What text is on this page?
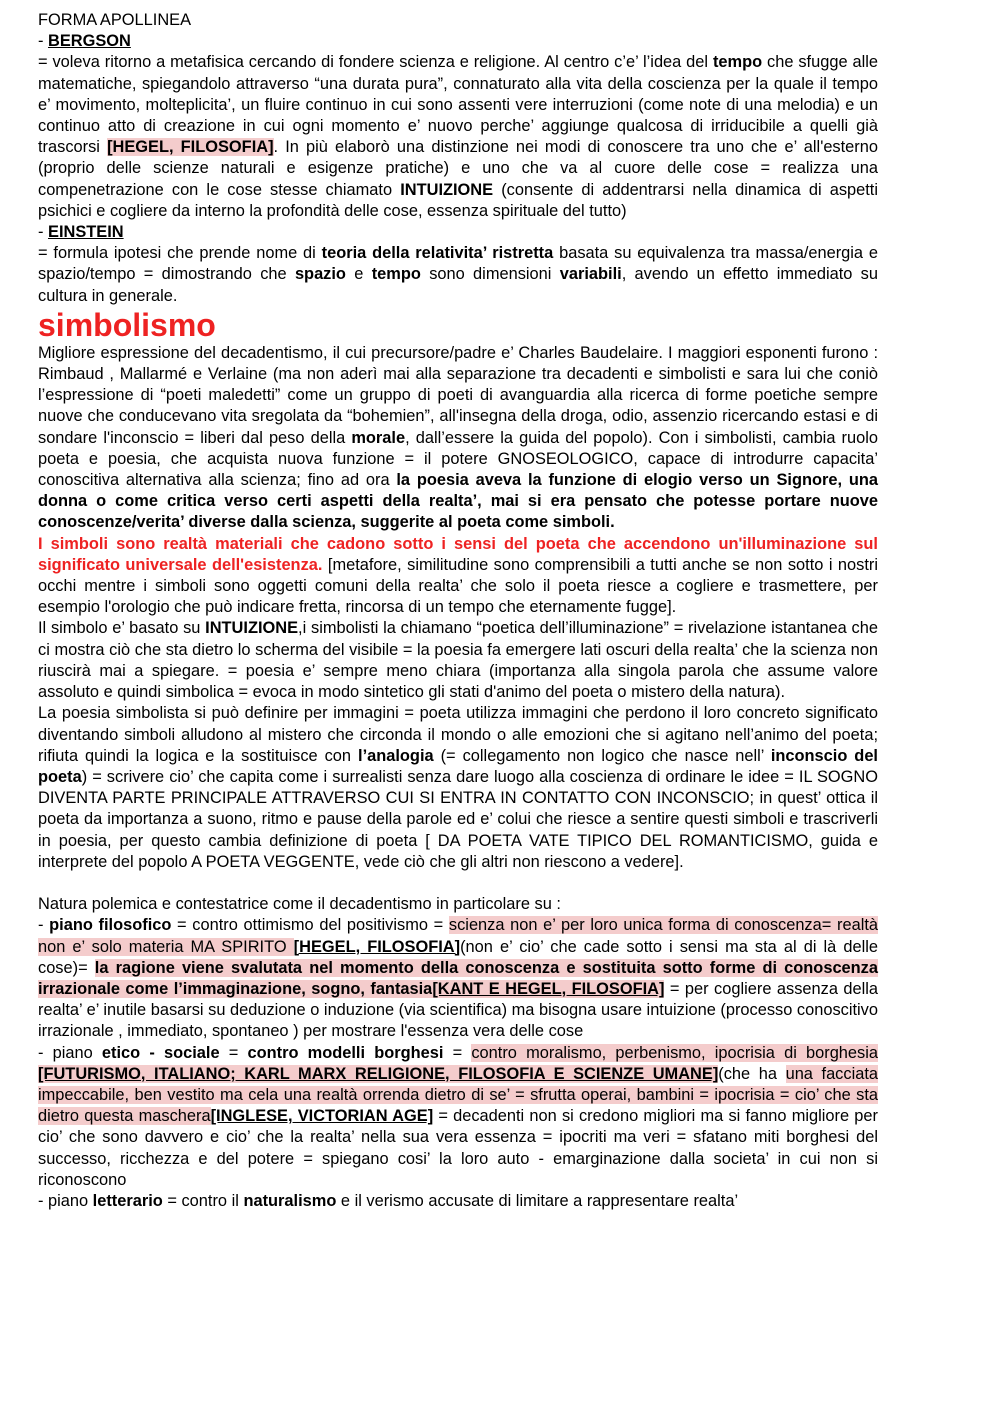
FORMA APOLLINEA

- BERGSON

= voleva ritorno a metafisica cercando di fondere scienza e religione. Al centro c’e’ l’idea del tempo che sfugge alle matematiche, spiegandolo attraverso “una durata pura”, connaturato alla vita della coscienza per la quale il tempo e’ movimento, molteplicita’, un fluire continuo in cui sono assenti vere interruzioni (come note di una melodia) e un continuo atto di creazione in cui ogni momento e’ nuovo perche’ aggiunge qualcosa di irriducibile a quelli già trascorsi [HEGEL, FILOSOFIA]. In più elaborò una distinzione nei modi di conoscere tra uno che e’ all'esterno (proprio delle scienze naturali e esigenze pratiche) e uno che va al cuore delle cose = realizza una compenetrazione con le cose stesse chiamato INTUIZIONE (consente di addentrarsi nella dinamica di aspetti psichici e cogliere da interno la profondità delle cose, essenza spirituale del tutto)

- EINSTEIN

= formula ipotesi che prende nome di teoria della relativita’ ristretta basata su equivalenza tra massa/energia e spazio/tempo = dimostrando che spazio e tempo sono dimensioni variabili, avendo un effetto immediato su cultura in generale.

simbolismo

Migliore espressione del decadentismo, il cui precursore/padre e’ Charles Baudelaire. I maggiori esponenti furono : Rimbaud , Mallarmé e Verlaine (ma non aderì mai alla separazione tra decadenti e simbolisti e sara lui che coniò l’espressione di “poeti maledetti” come un gruppo di poeti di avanguardia alla ricerca di forme poetiche sempre nuove che conducevano vita sregolata da “bohemien”, all'insegna della droga, odio, assenzio ricercando estasi e di sondare l'inconscio = liberi dal peso della morale, dall’essere la guida del popolo). Con i simbolisti, cambia ruolo poeta e poesia, che acquista nuova funzione = il potere GNOSEOLOGICO, capace di introdurre capacita’ conoscitiva alternativa alla scienza; fino ad ora la poesia aveva la funzione di elogio verso un Signore, una donna o come critica verso certi aspetti della realta’, mai si era pensato che potesse portare nuove conoscenze/verita’ diverse dalla scienza, suggerite al poeta come simboli.

I simboli sono realtà materiali che cadono sotto i sensi del poeta che accendono un'illuminazione sul significato universale dell'esistenza. [metafore, similitudine sono comprensibili a tutti anche se non sotto i nostri occhi mentre i simboli sono oggetti comuni della realta’ che solo il poeta riesce a cogliere e trasmettere, per esempio l'orologio che può indicare fretta, rincorsa di un tempo che eternamente fugge].

Il simbolo e’ basato su INTUIZIONE,i simbolisti la chiamano “poetica dell’illuminazione” = rivelazione istantanea che ci mostra ciò che sta dietro lo scherma del visibile = la poesia fa emergere lati oscuri della realta’ che la scienza non riuscirà mai a spiegare. = poesia e’ sempre meno chiara (importanza alla singola parola che assume valore assoluto e quindi simbolica = evoca in modo sintetico gli stati d'animo del poeta o mistero della natura).

La poesia simbolista si può definire per immagini = poeta utilizza immagini che perdono il loro concreto significato diventando simboli alludono al mistero che circonda il mondo o alle emozioni che si agitano nell’animo del poeta; rifiuta quindi la logica e la sostituisce con l’analogia (= collegamento non logico che nasce nell’ inconscio del poeta) = scrivere cio’ che capita come i surrealisti senza dare luogo alla coscienza di ordinare le idee = IL SOGNO DIVENTA PARTE PRINCIPALE ATTRAVERSO CUI SI ENTRA IN CONTATTO CON INCONSCIO; in quest’ ottica il poeta da importanza a suono, ritmo e pause della parole ed e’ colui che riesce a sentire questi simboli e trascriverli in poesia, per questo cambia definizione di poeta [ DA POETA VATE TIPICO DEL ROMANTICISMO, guida e interprete del popolo A POETA VEGGENTE, vede ciò che gli altri non riescono a vedere].

Natura polemica e contestatrice come il decadentismo in particolare su :

- piano filosofico = contro ottimismo del positivismo = scienza non e’ per loro unica forma di conoscenza= realtà non e’ solo materia MA SPIRITO [HEGEL, FILOSOFIA](non e’ cio’ che cade sotto i sensi ma sta al di là delle cose)= la ragione viene svalutata nel momento della conoscenza e sostituita sotto forme di conoscenza irrazionale come l’immaginazione, sogno, fantasia[KANT E HEGEL, FILOSOFIA] = per cogliere assenza della realta’ e’ inutile basarsi su deduzione o induzione (via scientifica) ma bisogna usare intuizione (processo conoscitivo irrazionale , immediato, spontaneo ) per mostrare l'essenza vera delle cose

- piano etico - sociale = contro modelli borghesi = contro moralismo, perbenismo, ipocrisia di borghesia [FUTURISMO, ITALIANO; KARL MARX RELIGIONE, FILOSOFIA E SCIENZE UMANE](che ha una facciata impeccabile, ben vestito ma cela una realtà orrenda dietro di se’ = sfrutta operai, bambini = ipocrisia = cio’ che sta dietro questa maschera[INGLESE, VICTORIAN AGE] = decadenti non si credono migliori ma si fanno migliore per cio’ che sono davvero e cio’ che la realta’ nella sua vera essenza = ipocriti ma veri = sfatano miti borghesi del successo, ricchezza e del potere = spiegano cosi’ la loro auto - emarginazione dalla societa’ in cui non si riconoscono

- piano letterario = contro il naturalismo e il verismo accusate di limitare a rappresentare realta’
